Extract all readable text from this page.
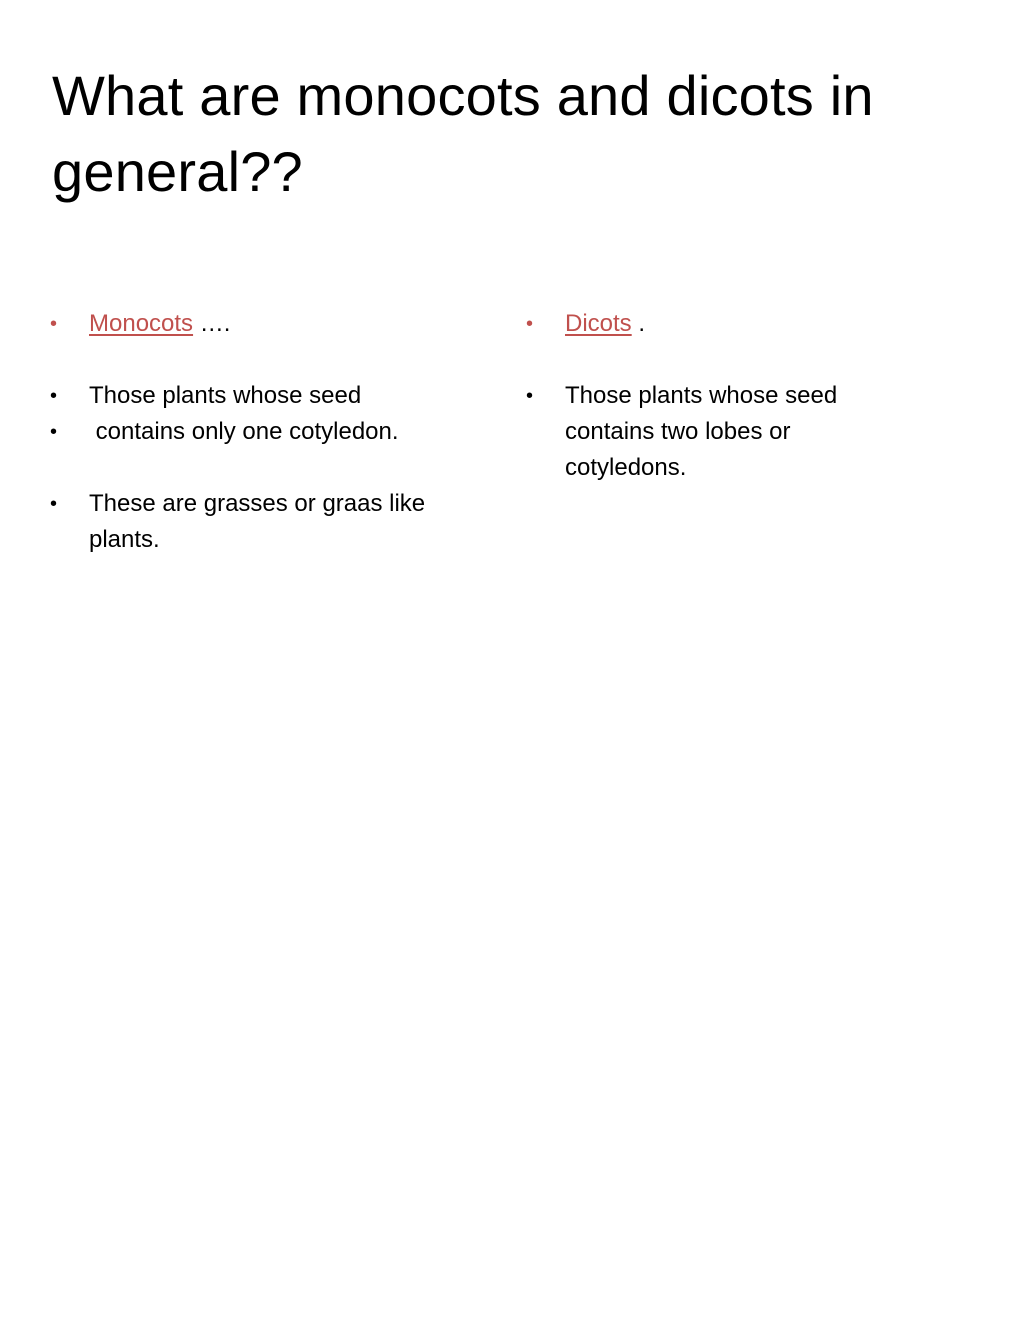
What are monocots and dicots in general??
•	Monocots ….
•	Those plants whose seed
•	contains only one cotyledon.
•	These are grasses or graas like plants.
•	Dicots .
•	Those plants whose seed contains two lobes or cotyledons.
